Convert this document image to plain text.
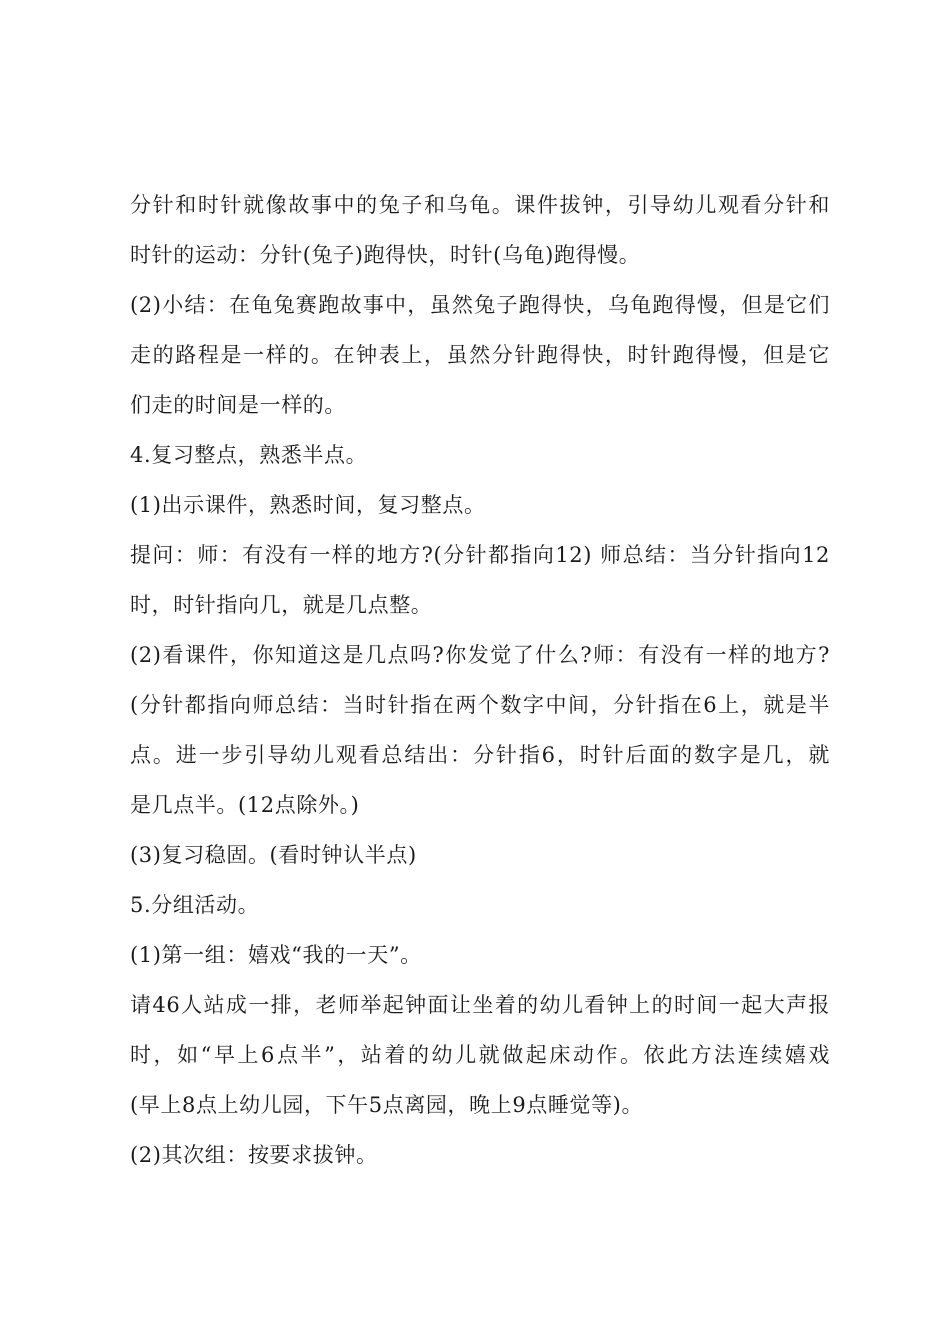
分针和时针就像故事中的兔子和乌龟。课件拔钟，引导幼儿观看分针和
时针的运动：分针(兔子)跑得快，时针(乌龟)跑得慢。
(2)小结：在龟兔赛跑故事中，虽然兔子跑得快，乌龟跑得慢，但是它们
走的路程是一样的。在钟表上，虽然分针跑得快，时针跑得慢，但是它
们走的时间是一样的。
4.复习整点，熟悉半点。
(1)出示课件，熟悉时间，复习整点。
提问：师：有没有一样的地方?(分针都指向12) 师总结：当分针指向12
时，时针指向几，就是几点整。
(2)看课件，你知道这是几点吗?你发觉了什么?师：有没有一样的地方?
(分针都指向师总结：当时针指在两个数字中间，分针指在6上，就是半
点。进一步引导幼儿观看总结出：分针指6，时针后面的数字是几，就
是几点半。(12点除外。)
(3)复习稳固。(看时钟认半点)
5.分组活动。
(1)第一组：嬉戏“我的一天”。
请46人站成一排，老师举起钟面让坐着的幼儿看钟上的时间一起大声报
时，如“早上6点半”，站着的幼儿就做起床动作。依此方法连续嬉戏
(早上8点上幼儿园，下午5点离园，晚上9点睡觉等)。
(2)其次组：按要求拔钟。
